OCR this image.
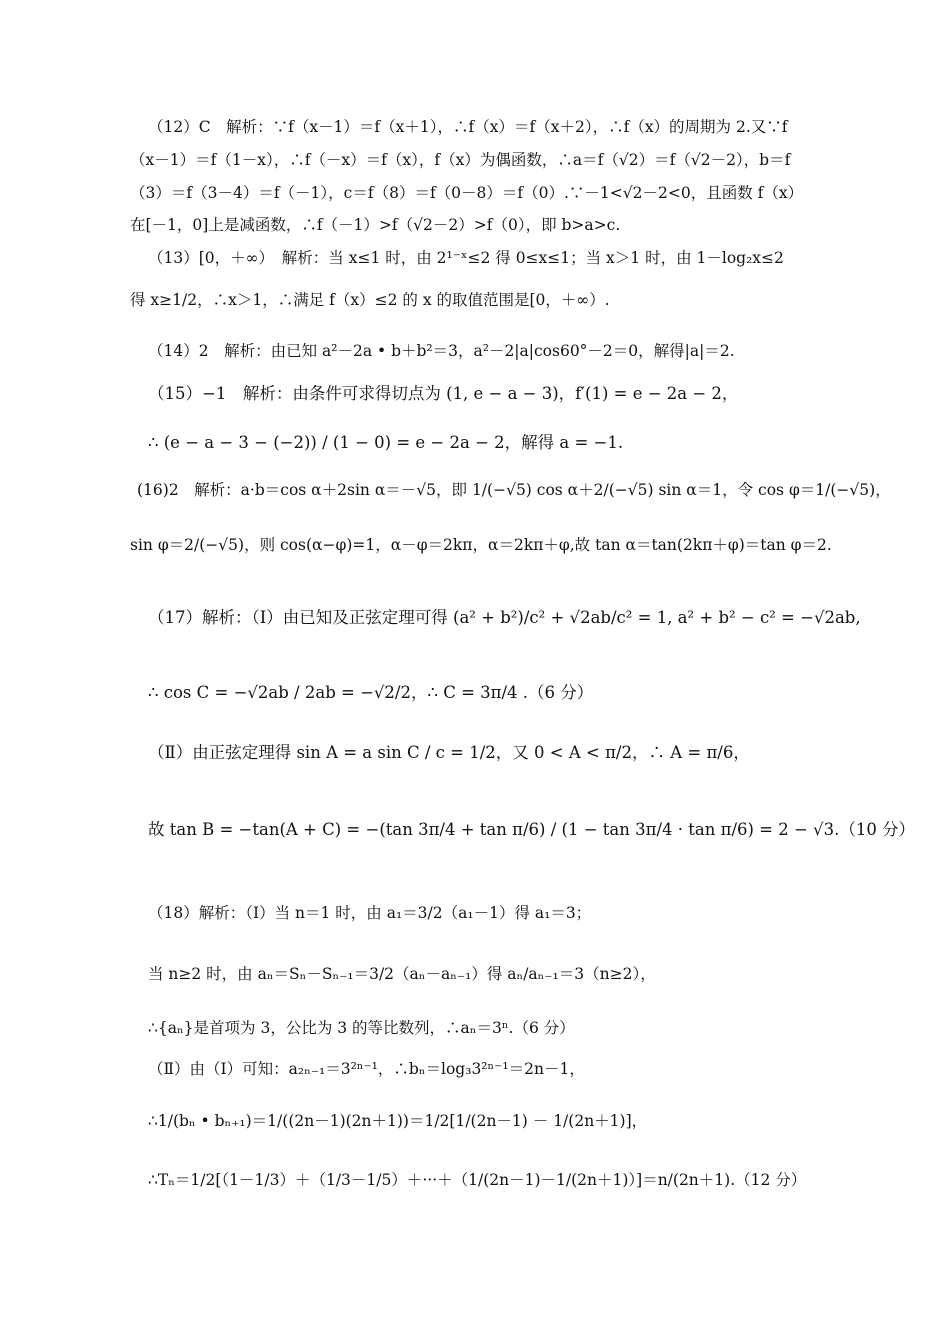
（12）C　解析：∵f（x－1）＝f（x＋1），∴f（x）＝f（x＋2），∴f（x）的周期为 2.又∵f
（x－1）＝f（1－x），∴f（－x）＝f（x），f（x）为偶函数，∴a＝f（√2）＝f（√2－2），b＝f
（3）＝f（3－4）＝f（－1），c＝f（8）＝f（0－8）＝f（0）.∵－1<√2－2<0，且函数 f（x）
在[－1，0]上是减函数，∴f（－1）>f（√2－2）>f（0），即 b>a>c.
（13）[0，＋∞）　解析：当 x≤1 时，由 2¹⁻ˣ≤2 得 0≤x≤1；当 x＞1 时，由 1－log₂x≤2
得 x≥1/2，∴x＞1，∴满足 f（x）≤2 的 x 的取值范围是[0，＋∞）.
（14）2　解析：由已知 a²－2a • b＋b²＝3，a²－2|a|cos60°－2＝0，解得|a|＝2.
（15）−1　解析：由条件可求得切点为 (1, e − a − 3)，f′(1) = e − 2a − 2，
∴ (e − a − 3 − (−2)) / (1 − 0) = e − 2a − 2，解得 a = −1.
(16)2　解析：a·b＝cos α＋2sin α＝－√5，即 1/(−√5) cos α＋2/(−√5) sin α＝1，令 cos φ＝1/(−√5)，
sin φ＝2/(−√5)，则 cos(α−φ)=1，α－φ＝2kπ，α＝2kπ＋φ,故 tan α＝tan(2kπ＋φ)＝tan φ＝2.
（17）解析：（Ⅰ）由已知及正弦定理可得 (a² + b²)/c² + √2ab/c² = 1, a² + b² − c² = −√2ab,
∴ cos C = −√2ab / 2ab = −√2/2，∴ C = 3π/4 .（6 分）
（Ⅱ）由正弦定理得 sin A = a sin C / c = 1/2，又 0 < A < π/2，∴ A = π/6，
故 tan B = −tan(A + C) = −(tan 3π/4 + tan π/6) / (1 − tan 3π/4 · tan π/6) = 2 − √3.（10 分）
（18）解析：（Ⅰ）当 n＝1 时，由 a₁＝3/2（a₁－1）得 a₁＝3；
当 n≥2 时，由 aₙ＝Sₙ－Sₙ₋₁＝3/2（aₙ－aₙ₋₁）得 aₙ/aₙ₋₁＝3（n≥2），
∴{aₙ}是首项为 3，公比为 3 的等比数列，∴aₙ＝3ⁿ.（6 分）
（Ⅱ）由（Ⅰ）可知：a₂ₙ₋₁＝3²ⁿ⁻¹，∴bₙ＝log₃3²ⁿ⁻¹＝2n－1，
∴1/(bₙ • bₙ₊₁)＝1/((2n－1)(2n＋1))＝1/2[1/(2n－1) － 1/(2n＋1)]，
∴Tₙ＝1/2[（1－1/3）＋（1/3－1/5）＋···＋（1/(2n－1)－1/(2n＋1)）]＝n/(2n＋1).（12 分）
